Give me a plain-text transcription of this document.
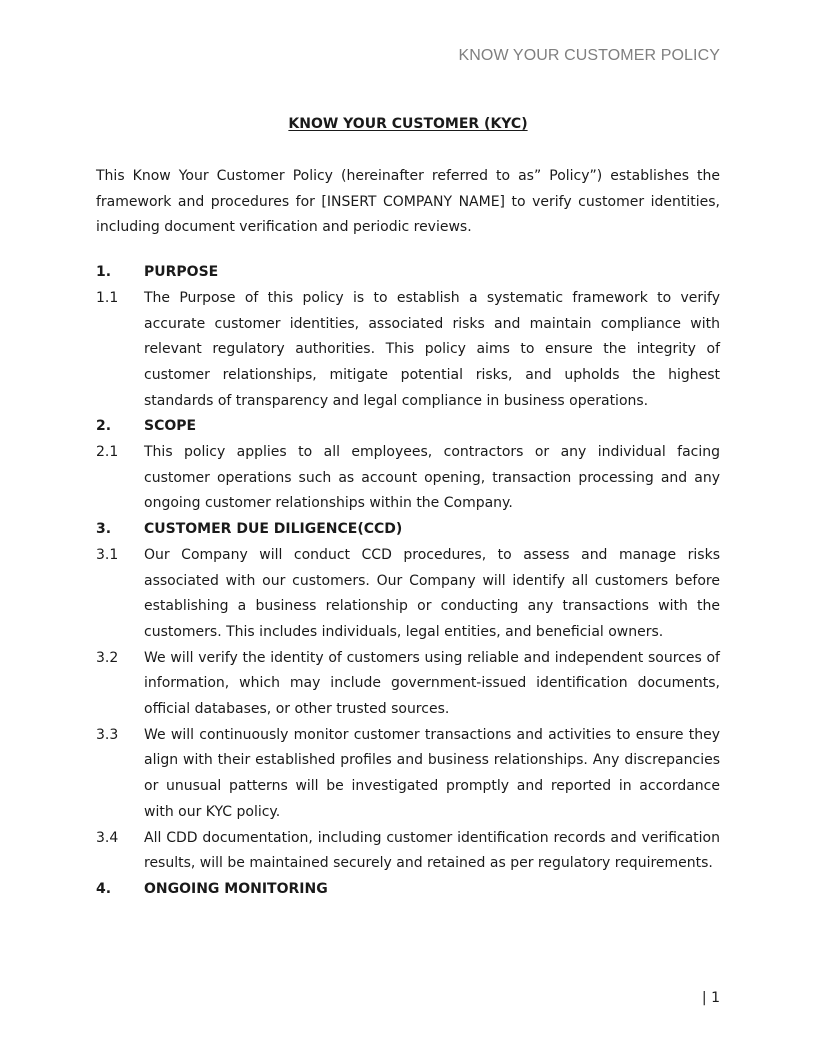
KNOW YOUR CUSTOMER POLICY
KNOW YOUR CUSTOMER (KYC)

This Know Your Customer Policy (hereinafter referred to as” Policy”) establishes the framework and procedures for [INSERT COMPANY NAME] to verify customer identities, including document verification and periodic reviews.

1.	PURPOSE
1.1	The Purpose of this policy is to establish a systematic framework to verify accurate customer identities, associated risks and maintain compliance with relevant regulatory authorities. This policy aims to ensure the integrity of customer relationships, mitigate potential risks, and upholds the highest standards of transparency and legal compliance in business operations.
2.	SCOPE
2.1	This policy applies to all employees, contractors or any individual facing customer operations such as account opening, transaction processing and any ongoing customer relationships within the Company.
3.	CUSTOMER DUE DILIGENCE(CCD)
3.1	Our Company will conduct CCD procedures, to assess and manage risks associated with our customers. Our Company will identify all customers before establishing a business relationship or conducting any transactions with the customers. This includes individuals, legal entities, and beneficial owners.
3.2	We will verify the identity of customers using reliable and independent sources of information, which may include government-issued identification documents, official databases, or other trusted sources.
3.3	We will continuously monitor customer transactions and activities to ensure they align with their established profiles and business relationships. Any discrepancies or unusual patterns will be investigated promptly and reported in accordance with our KYC policy.
3.4	All CDD documentation, including customer identification records and verification results, will be maintained securely and retained as per regulatory requirements.
4.	ONGOING MONITORING
| 1
